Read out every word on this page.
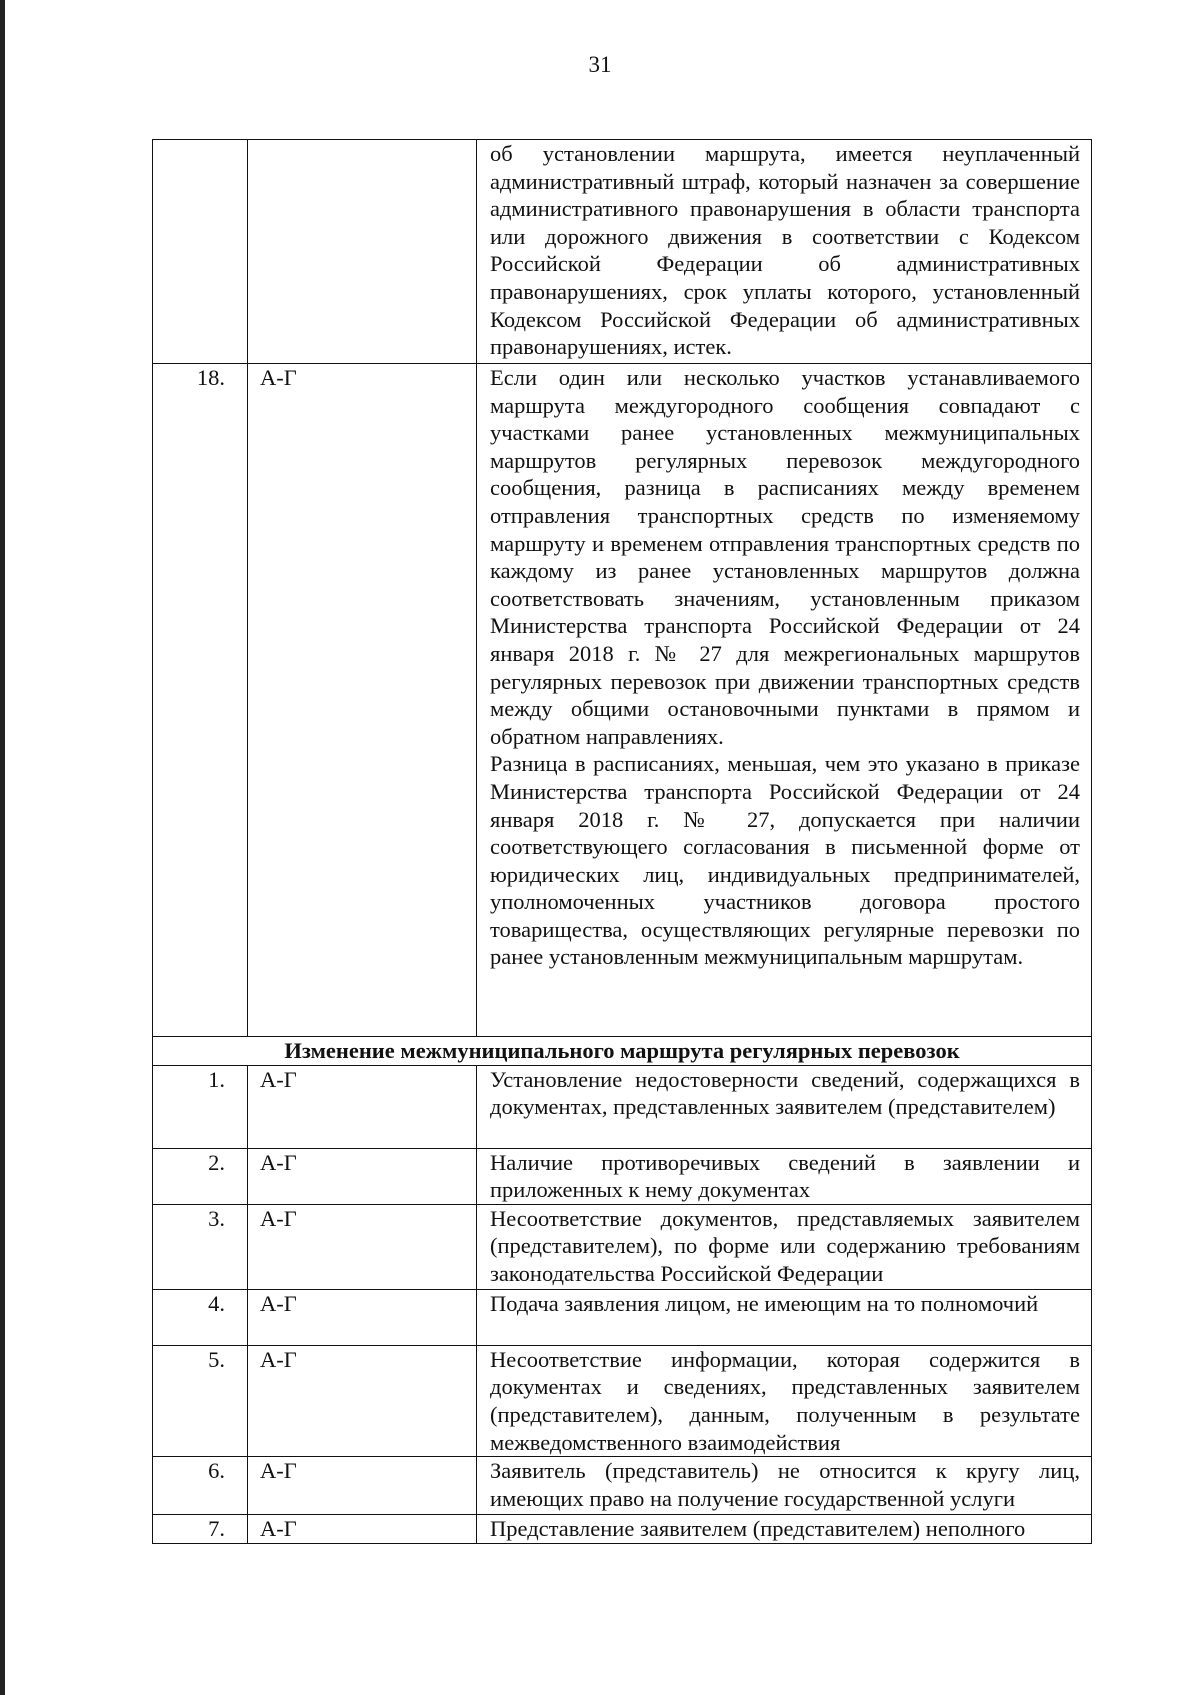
31
		об установлении маршрута, имеется неуплаченный административный штраф, который назначен за совершение административного правонарушения в области транспорта или дорожного движения в соответствии с Кодексом Российской Федерации об административных правонарушениях, срок уплаты которого, установленный Кодексом Российской Федерации об административных правонарушениях, истек.
18.	А-Г	Если один или несколько участков устанавливаемого маршрута междугородного сообщения совпадают с участками ранее установленных межмуниципальных маршрутов регулярных перевозок междугородного сообщения, разница в расписаниях между временем отправления транспортных средств по изменяемому маршруту и временем отправления транспортных средств по каждому из ранее установленных маршрутов должна соответствовать значениям, установленным приказом Министерства транспорта Российской Федерации от 24 января 2018 г. № 27 для межрегиональных маршрутов регулярных перевозок при движении транспортных средств между общими остановочными пунктами в прямом и обратном направлениях.

Разница в расписаниях, меньшая, чем это указано в приказе Министерства транспорта Российской Федерации от 24 января 2018 г. № 27, допускается при наличии соответствующего согласования в письменной форме от юридических лиц, индивидуальных предпринимателей, уполномоченных участников договора простого товарищества, осуществляющих регулярные перевозки по ранее установленным межмуниципальным маршрутам.

Изменение межмуниципального маршрута регулярных перевозок		
1.	А-Г	Установление недостоверности сведений, содержащихся в документах, представленных заявителем (представителем)
2.	А-Г	Наличие противоречивых сведений в заявлении и приложенных к нему документах
3.	А-Г	Несоответствие документов, представляемых заявителем (представителем), по форме или содержанию требованиям законодательства Российской Федерации
4.	А-Г	Подача заявления лицом, не имеющим на то полномочий
5.	А-Г	Несоответствие информации, которая содержится в документах и сведениях, представленных заявителем (представителем), данным, полученным в результате межведомственного взаимодействия
6.	А-Г	Заявитель (представитель) не относится к кругу лиц, имеющих право на получение государственной услуги
7.	А-Г	Представление заявителем (представителем) неполного
